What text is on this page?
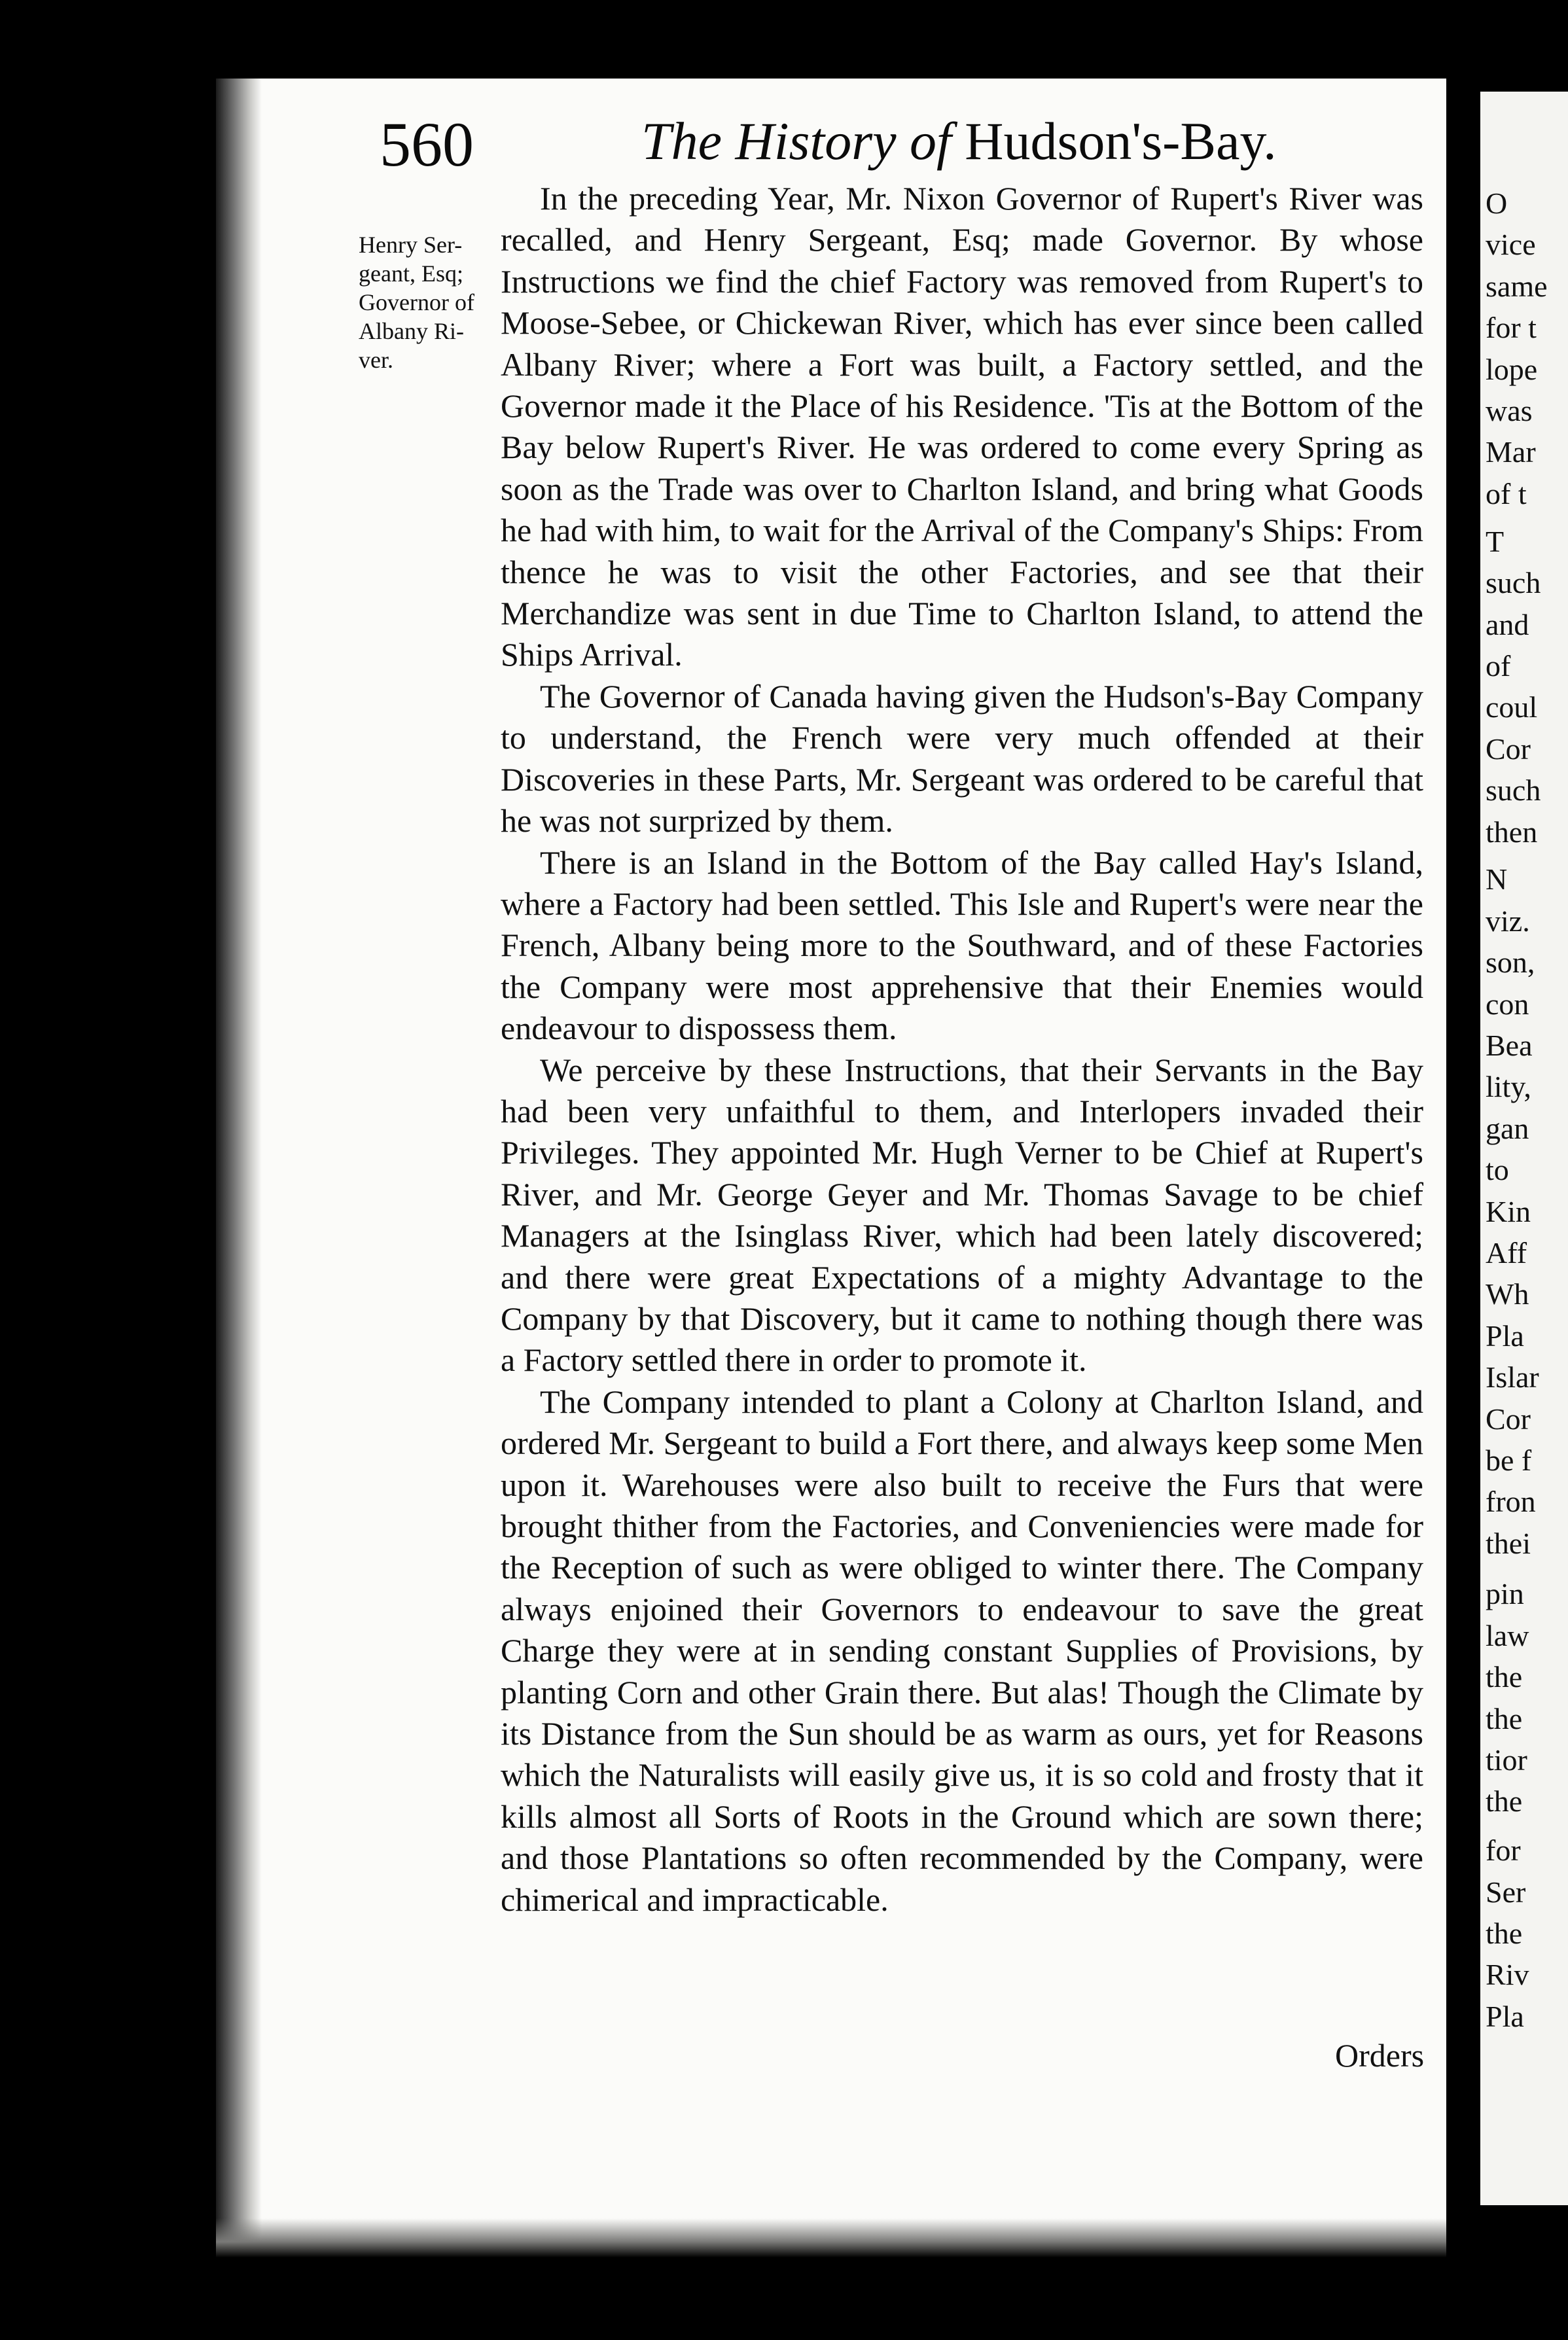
O
vice
same
for t
lope
was
Mar
of t
T
such
and
of
coul
Cor
such
then
N
viz.
son,
con
Bea
lity,
gan
to
Kin
Aff
Wh
Pla
Islar
Cor
be f
fron
thei
pin
law
the
the
tior
the
for
Ser
the
Riv
Pla
560	The History of Hudson's-Bay.
Henry Ser-
geant, Esq;
Governor of
Albany Ri-
ver.

In the preceding Year, Mr. Nixon Governor of Rupert's River was recalled, and Henry Sergeant, Esq; made Governor. By whose Instructions we find the chief Factory was removed from Rupert's to Moose-Sebee, or Chickewan River, which has ever since been called Albany River; where a Fort was built, a Factory settled, and the Governor made it the Place of his Residence. 'Tis at the Bottom of the Bay below Rupert's River. He was ordered to come every Spring as soon as the Trade was over to Charlton Island, and bring what Goods he had with him, to wait for the Arrival of the Company's Ships: From thence he was to visit the other Factories, and see that their Merchandize was sent in due Time to Charlton Island, to attend the Ships Arrival.

The Governor of Canada having given the Hudson's-Bay Company to understand, the French were very much offended at their Discoveries in these Parts, Mr. Sergeant was ordered to be careful that he was not surprized by them.

There is an Island in the Bottom of the Bay called Hay's Island, where a Factory had been settled. This Isle and Rupert's were near the French, Albany being more to the Southward, and of these Factories the Company were most apprehensive that their Enemies would endeavour to dispossess them.

We perceive by these Instructions, that their Servants in the Bay had been very unfaithful to them, and Interlopers invaded their Privileges. They appointed Mr. Hugh Verner to be Chief at Rupert's River, and Mr. George Geyer and Mr. Thomas Savage to be chief Managers at the Isinglass River, which had been lately discovered; and there were great Expectations of a mighty Advantage to the Company by that Discovery, but it came to nothing though there was a Factory settled there in order to promote it.

The Company intended to plant a Colony at Charlton Island, and ordered Mr. Sergeant to build a Fort there, and always keep some Men upon it. Warehouses were also built to receive the Furs that were brought thither from the Factories, and Conveniencies were made for the Reception of such as were obliged to winter there. The Company always enjoined their Governors to endeavour to save the great Charge they were at in sending constant Supplies of Provisions, by planting Corn and other Grain there. But alas! Though the Climate by its Distance from the Sun should be as warm as ours, yet for Reasons which the Naturalists will easily give us, it is so cold and frosty that it kills almost all Sorts of Roots in the Ground which are sown there; and those Plantations so often recommended by the Company, were chimerical and impracticable.

Orders
